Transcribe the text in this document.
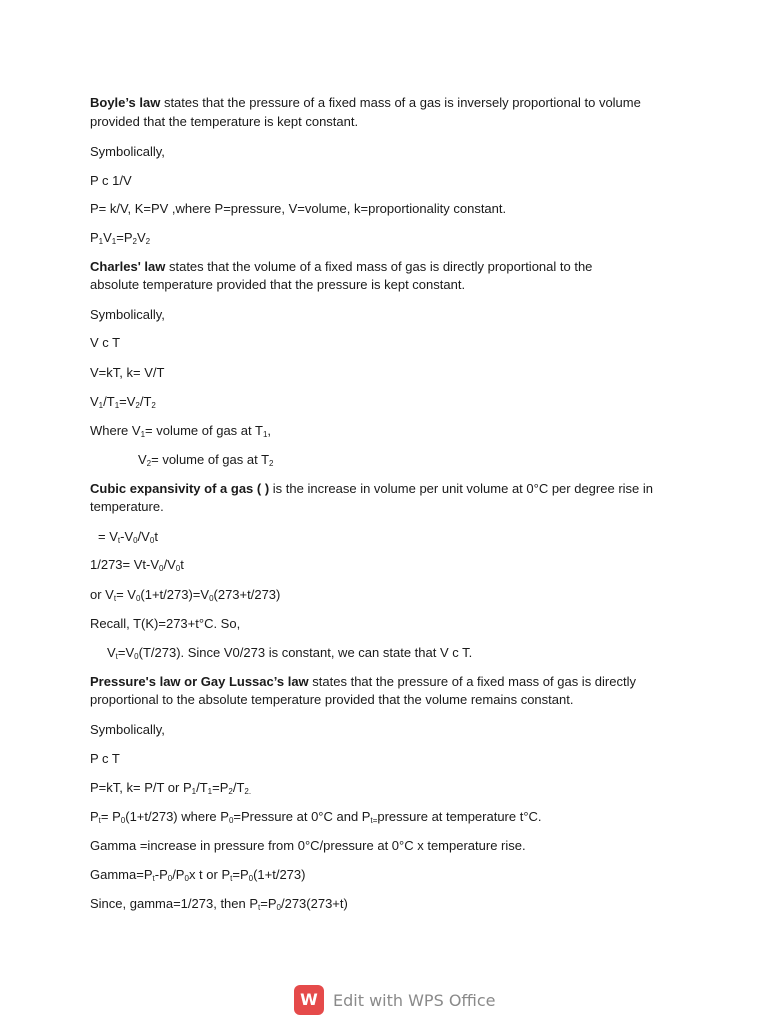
Boyle’s law states that the pressure of a fixed mass of a gas is inversely proportional to volume
provided that the temperature is kept constant.
Symbolically,
P c 1/V
P= k/V, K=PV ,where P=pressure, V=volume, k=proportionality constant.
$P_1V_1=P_2V_2$
Charles' law states that the volume of a fixed mass of gas is directly proportional to the
absolute temperature provided that the pressure is kept constant.
Symbolically,
V c T
V=kT, k= V/T
$V_1/T_1=V_2/T_2$
Where $V_1=$ volume of gas at $T_1$,
$V_2=$ volume of gas at $T_2$
Cubic expansivity of a gas ( ) is the increase in volume per unit volume at 0°C per degree rise in
temperature.
= $V_t-V_0/V_0t$
$1/273= Vt-V_0/V_0t$
or $V_t= V_0(1+t/273)=V_0(273+t/273)$
Recall, T(K)=273+t°C. So,
$V_t=V_0(T/273)$. Since V0/273 is constant, we can state that V c T.
Pressure's law or Gay Lussac’s law states that the pressure of a fixed mass of gas is directly
proportional to the absolute temperature provided that the volume remains constant.
Symbolically,
P c T
P=kT, k= P/T or $P_1/T_1=P_2/T_{2.}$
$P_t= P_0(1+t/273)$ where $P_0=Pressure$ at 0°C and $P_{t=}pressure$ at temperature t°C.
Gamma =increase in pressure from 0°C/pressure at 0°C x temperature rise.
$Gamma=P_t-P_0/P_0x$ t or $P_t=P_0(1+t/273)$
Since, gamma=1/273, then $P_t=P_0/273(273+t)$
W Edit with WPS Office
